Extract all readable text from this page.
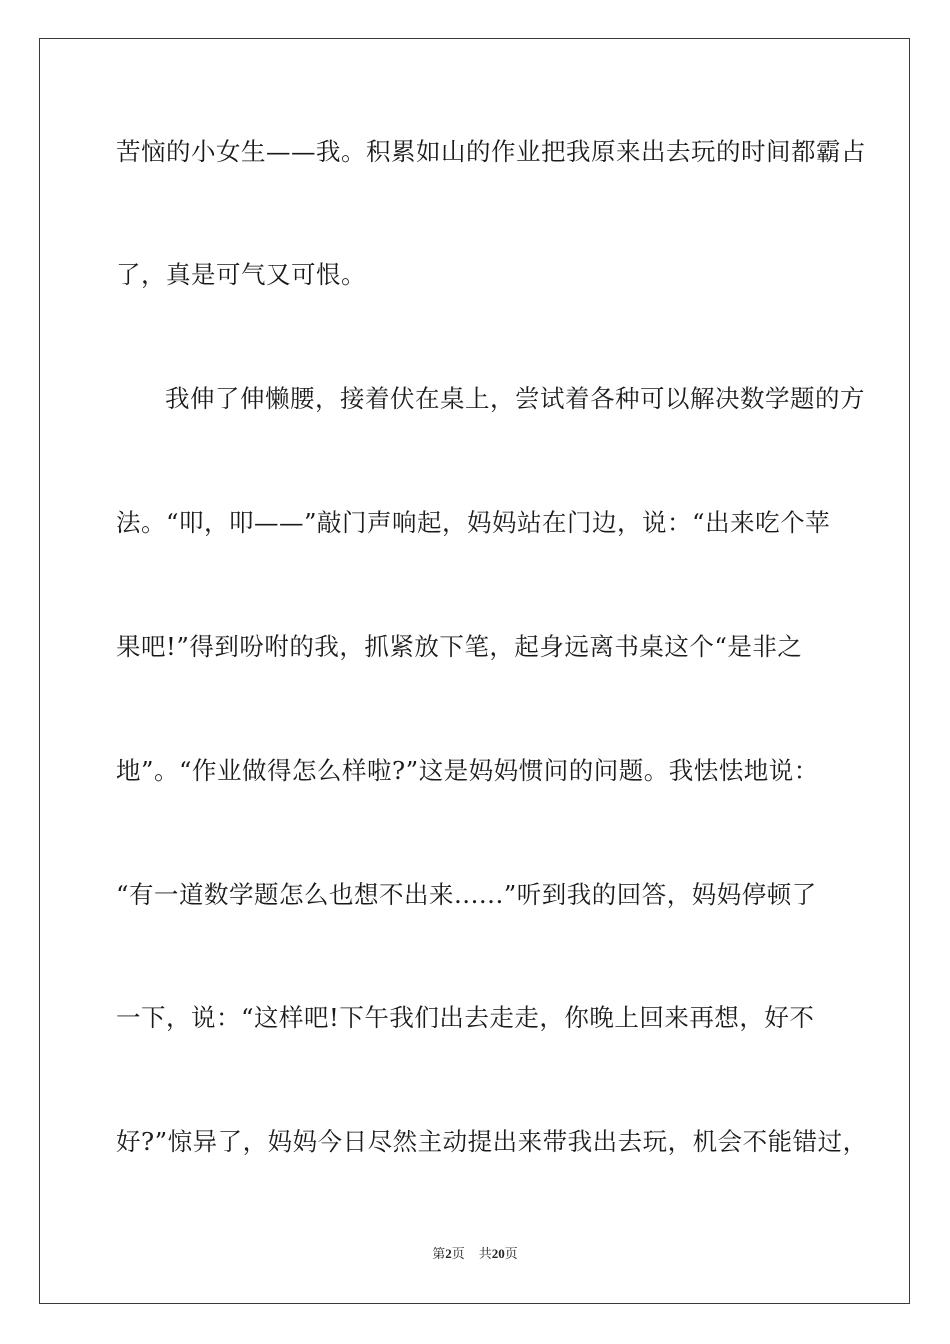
苦恼的小女生——我。积累如山的作业把我原来出去玩的时间都霸占
了，真是可气又可恨。
我伸了伸懒腰，接着伏在桌上，尝试着各种可以解决数学题的方
法。“叩，叩——”敲门声响起，妈妈站在门边，说：“出来吃个苹
果吧!”得到吩咐的我，抓紧放下笔，起身远离书桌这个“是非之
地”。“作业做得怎么样啦?”这是妈妈惯问的问题。我怯怯地说：
“有一道数学题怎么也想不出来......”听到我的回答，妈妈停顿了
一下，说：“这样吧!下午我们出去走走，你晚上回来再想，好不
好?”惊异了，妈妈今日尽然主动提出来带我出去玩，机会不能错过，
第2页 共20页
